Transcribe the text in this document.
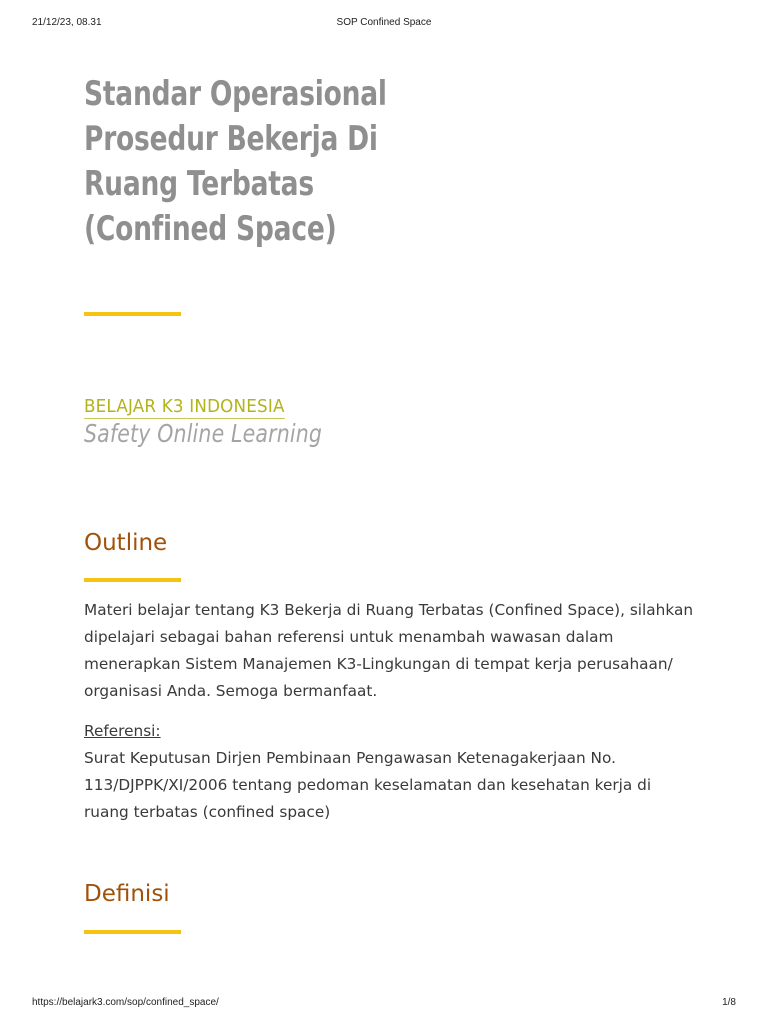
21/12/23, 08.31	SOP Confined Space
Standar Operasional Prosedur Bekerja Di Ruang Terbatas (Confined Space)
BELAJAR K3 INDONESIA
Safety Online Learning
Outline

Materi belajar tentang K3 Bekerja di Ruang Terbatas (Confined Space), silahkan dipelajari sebagai bahan referensi untuk menambah wawasan dalam menerapkan Sistem Manajemen K3-Lingkungan di tempat kerja perusahaan/ organisasi Anda. Semoga bermanfaat.

Referensi:

Surat Keputusan Dirjen Pembinaan Pengawasan Ketenagakerjaan No. 113/DJPPK/XI/2006 tentang pedoman keselamatan dan kesehatan kerja di ruang terbatas (confined space)

Definisi
https://belajark3.com/sop/confined_space/	1/8
